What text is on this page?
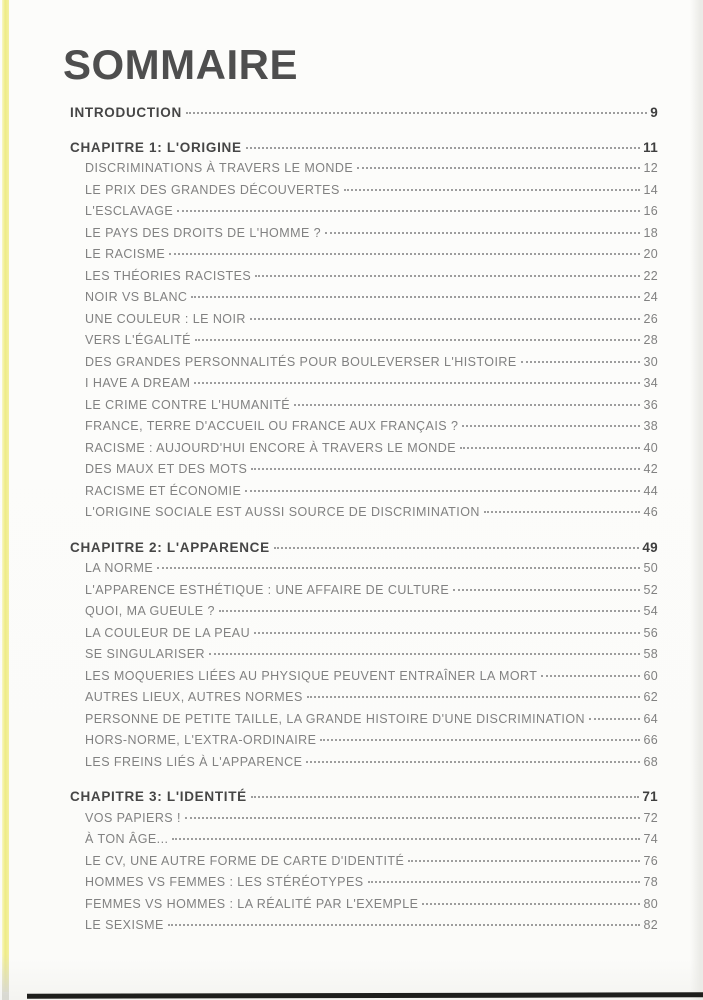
SOMMAIRE
INTRODUCTION	9
CHAPITRE 1: L'ORIGINE	11
DISCRIMINATIONS À TRAVERS LE MONDE	12
LE PRIX DES GRANDES DÉCOUVERTES	14
L'ESCLAVAGE	16
LE PAYS DES DROITS DE L'HOMME ?	18
LE RACISME	20
LES THÉORIES RACISTES	22
NOIR VS BLANC	24
UNE COULEUR : LE NOIR	26
VERS L'ÉGALITÉ	28
DES GRANDES PERSONNALITÉS POUR BOULEVERSER L'HISTOIRE	30
I HAVE A DREAM	34
LE CRIME CONTRE L'HUMANITÉ	36
FRANCE, TERRE D'ACCUEIL OU FRANCE AUX FRANÇAIS ?	38
RACISME : AUJOURD'HUI ENCORE À TRAVERS LE MONDE	40
DES MAUX ET DES MOTS	42
RACISME ET ÉCONOMIE	44
L'ORIGINE SOCIALE EST AUSSI SOURCE DE DISCRIMINATION	46
CHAPITRE 2: L'APPARENCE	49
LA NORME	50
L'APPARENCE ESTHÉTIQUE : UNE AFFAIRE DE CULTURE	52
QUOI, MA GUEULE ?	54
LA COULEUR DE LA PEAU	56
SE SINGULARISER	58
LES MOQUERIES LIÉES AU PHYSIQUE PEUVENT ENTRAÎNER LA MORT	60
AUTRES LIEUX, AUTRES NORMES	62
PERSONNE DE PETITE TAILLE, LA GRANDE HISTOIRE D'UNE DISCRIMINATION	64
HORS-NORME, L'EXTRA-ORDINAIRE	66
LES FREINS LIÉS À L'APPARENCE	68
CHAPITRE 3: L'IDENTITÉ	71
VOS PAPIERS !	72
À TON ÂGE...	74
LE CV, UNE AUTRE FORME DE CARTE D'IDENTITÉ	76
HOMMES VS FEMMES : LES STÉRÉOTYPES	78
FEMMES VS HOMMES : LA RÉALITÉ PAR L'EXEMPLE	80
LE SEXISME	82
